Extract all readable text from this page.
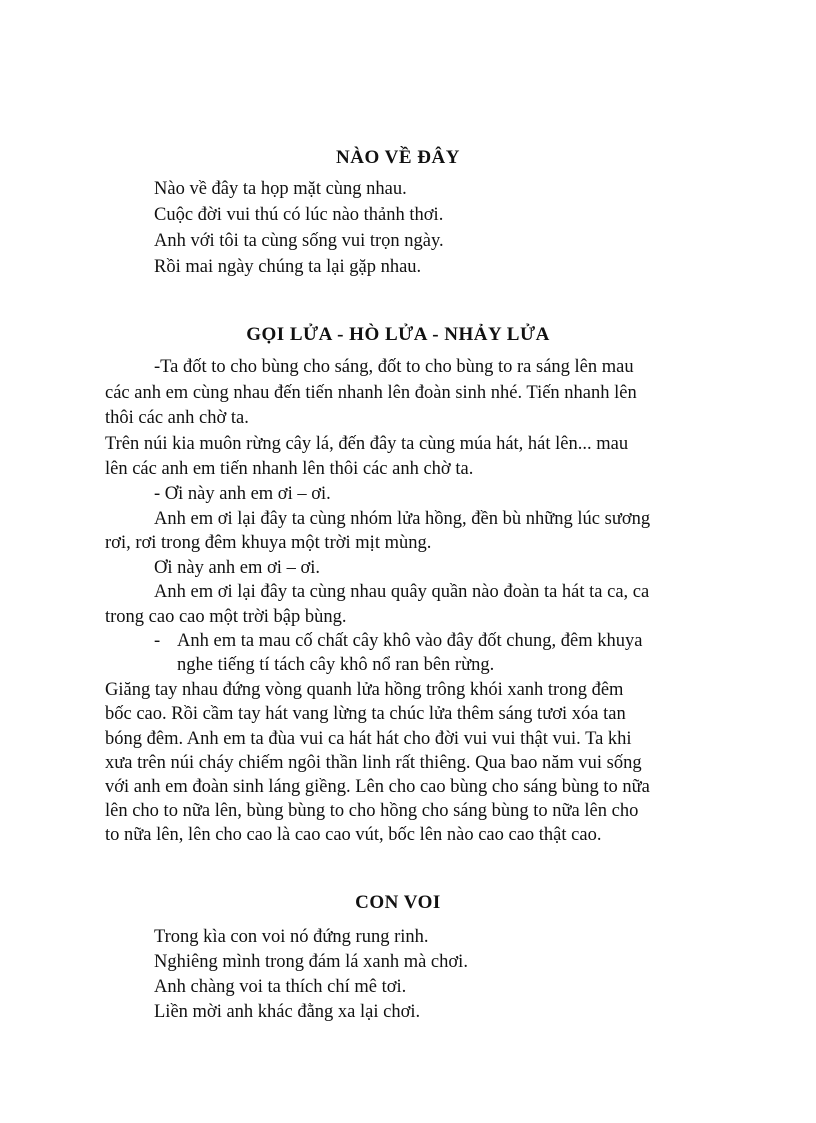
NÀO VỀ ĐÂY
Nào về đây ta họp mặt cùng nhau.
Cuộc đời vui thú có lúc nào thảnh thơi.
Anh với tôi ta cùng sống vui trọn ngày.
Rồi mai ngày chúng ta lại gặp nhau.
GỌI LỬA - HÒ LỬA - NHẢY LỬA
-Ta đốt to cho bùng cho sáng, đốt to cho bùng to ra sáng lên mau
các anh em cùng nhau đến tiến nhanh lên đoàn sinh nhé. Tiến nhanh lên
thôi các anh chờ ta.
Trên núi kia muôn rừng cây lá, đến đây ta cùng múa hát, hát lên... mau
lên các anh em tiến nhanh lên thôi các anh chờ ta.
- Ơi này anh em ơi – ơi.
Anh em ơi lại đây ta cùng nhóm lửa hồng, đền bù những lúc sương
rơi, rơi trong đêm khuya một trời mịt mùng.
Ơi này anh em ơi – ơi.
Anh em ơi lại đây ta cùng nhau quây quần nào đoàn ta hát ta ca, ca
trong cao cao một trời bập bùng.
- Anh em ta mau cố chất cây khô vào đây đốt chung, đêm khuya
nghe tiếng tí tách cây khô nổ ran bên rừng.
Giăng tay nhau đứng vòng quanh lửa hồng trông khói xanh trong đêm
bốc cao. Rồi cầm tay hát vang lừng ta chúc lửa thêm sáng tươi xóa tan
bóng đêm. Anh em ta đùa vui ca hát hát cho đời vui vui thật vui. Ta khi
xưa trên núi cháy chiếm ngôi thần linh rất thiêng. Qua bao năm vui sống
với anh em đoàn sinh láng giềng. Lên cho cao bùng cho sáng bùng to nữa
lên cho to nữa lên, bùng bùng to cho hồng cho sáng bùng to nữa lên cho
to nữa lên, lên cho cao là cao cao vút, bốc lên nào cao cao thật cao.
CON VOI
Trong kìa con voi nó đứng rung rinh.
Nghiêng mình trong đám lá xanh mà chơi.
Anh chàng voi ta thích chí mê tơi.
Liền mời anh khác đằng xa lại chơi.
